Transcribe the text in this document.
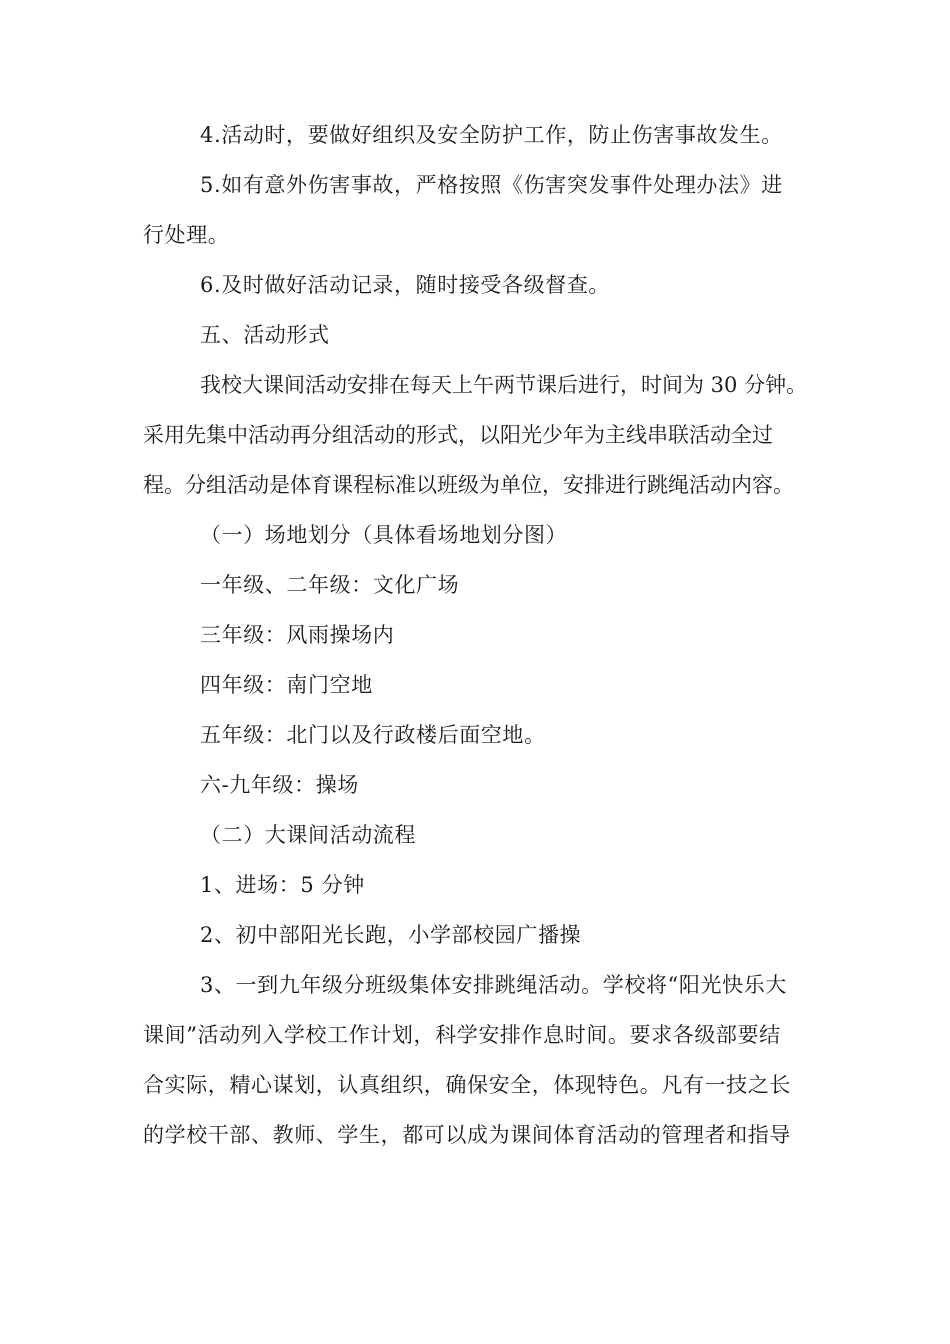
4.活动时，要做好组织及安全防护工作，防止伤害事故发生。
5.如有意外伤害事故，严格按照《伤害突发事件处理办法》进
行处理。
6.及时做好活动记录，随时接受各级督查。
五、活动形式
我校大课间活动安排在每天上午两节课后进行，时间为 30 分钟。
采用先集中活动再分组活动的形式，以阳光少年为主线串联活动全过
程。分组活动是体育课程标准以班级为单位，安排进行跳绳活动内容。
（一）场地划分（具体看场地划分图）
一年级、二年级：文化广场
三年级：风雨操场内
四年级：南门空地
五年级：北门以及行政楼后面空地。
六-九年级：操场
（二）大课间活动流程
1、进场：5 分钟
2、初中部阳光长跑，小学部校园广播操
3、一到九年级分班级集体安排跳绳活动。学校将“阳光快乐大
课间”活动列入学校工作计划，科学安排作息时间。要求各级部要结
合实际，精心谋划，认真组织，确保安全，体现特色。凡有一技之长
的学校干部、教师、学生，都可以成为课间体育活动的管理者和指导
